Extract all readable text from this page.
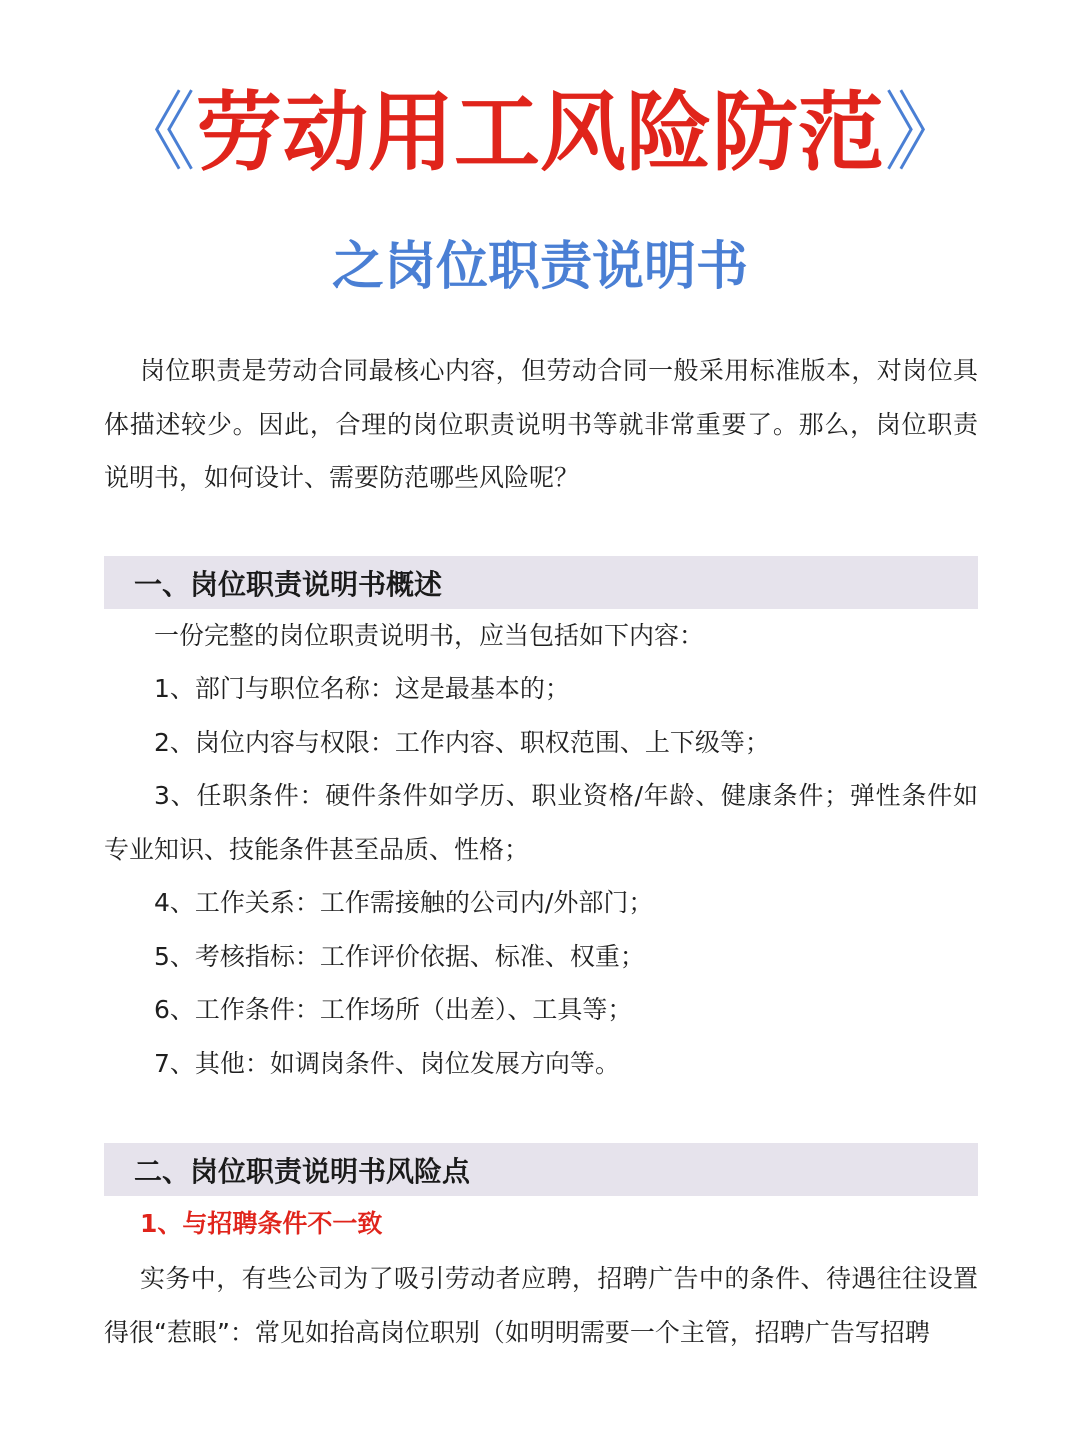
《劳动用工风险防范》
之岗位职责说明书

岗位职责是劳动合同最核心内容，但劳动合同一般采用标准版本，对岗位具体描述较少。因此，合理的岗位职责说明书等就非常重要了。那么，岗位职责说明书，如何设计、需要防范哪些风险呢？

一、岗位职责说明书概述

一份完整的岗位职责说明书，应当包括如下内容：

1、部门与职位名称：这是最基本的；

2、岗位内容与权限：工作内容、职权范围、上下级等；

3、任职条件：硬件条件如学历、职业资格/年龄、健康条件；弹性条件如专业知识、技能条件甚至品质、性格；

4、工作关系：工作需接触的公司内/外部门；

5、考核指标：工作评价依据、标准、权重；

6、工作条件：工作场所（出差）、工具等；

7、其他：如调岗条件、岗位发展方向等。

二、岗位职责说明书风险点

1、与招聘条件不一致

实务中，有些公司为了吸引劳动者应聘，招聘广告中的条件、待遇往往设置得很“惹眼”：常见如抬高岗位职别（如明明需要一个主管，招聘广告写招聘
